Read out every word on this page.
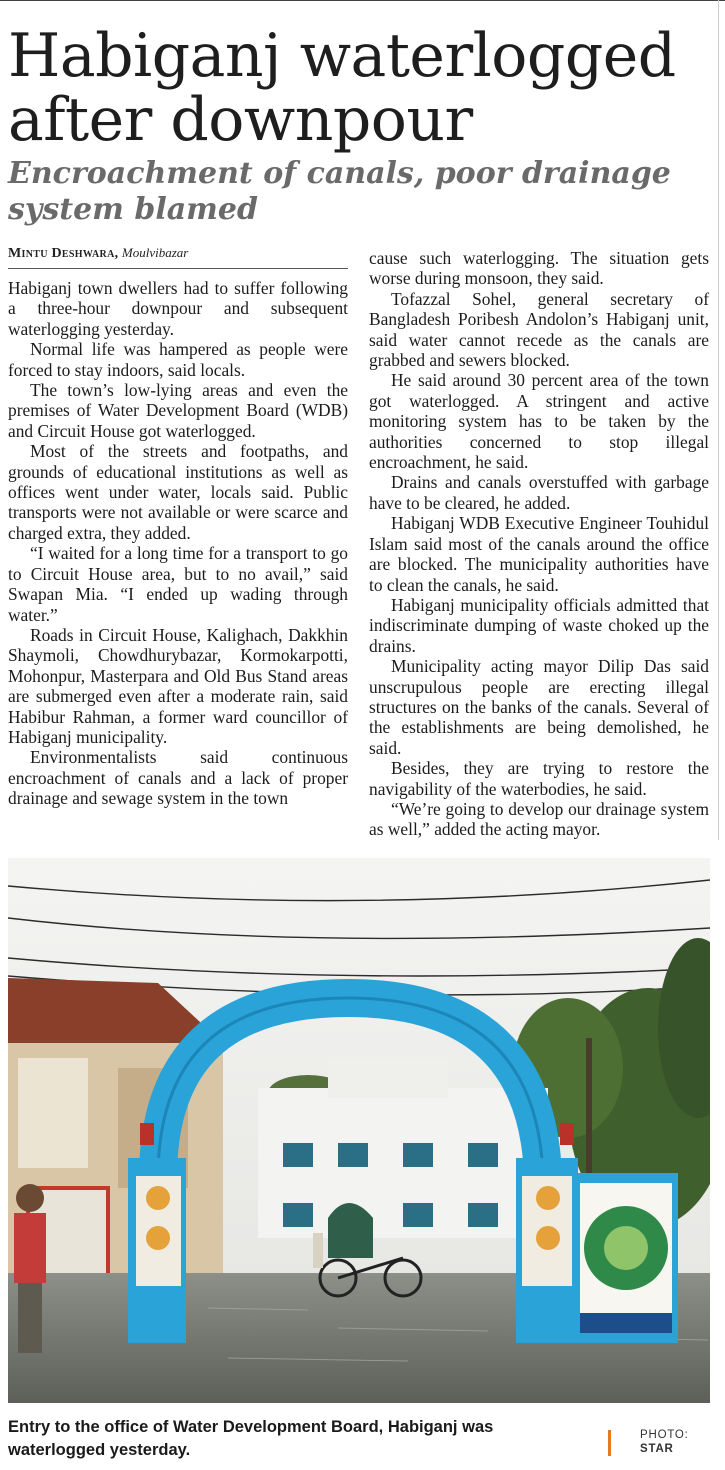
Habiganj waterlogged after downpour
Encroachment of canals, poor drainage system blamed
Mintu Deshwara, Moulvibazar

Habiganj town dwellers had to suffer following a three-hour downpour and subsequent waterlogging yesterday.

Normal life was hampered as people were forced to stay indoors, said locals.

The town’s low-lying areas and even the premises of Water Development Board (WDB) and Circuit House got waterlogged.

Most of the streets and footpaths, and grounds of educational institutions as well as offices went under water, locals said. Public transports were not available or were scarce and charged extra, they added.

“I waited for a long time for a transport to go to Circuit House area, but to no avail,” said Swapan Mia. “I ended up wading through water.”

Roads in Circuit House, Kalighach, Dakkhin Shaymoli, Chowdhurybazar, Kormokarpotti, Mohonpur, Masterpara and Old Bus Stand areas are submerged even after a moderate rain, said Habibur Rahman, a former ward councillor of Habiganj municipality.

Environmentalists said continuous encroachment of canals and a lack of proper drainage and sewage system in the town

cause such waterlogging. The situation gets worse during monsoon, they said.

Tofazzal Sohel, general secretary of Bangladesh Poribesh Andolon’s Habiganj unit, said water cannot recede as the canals are grabbed and sewers blocked.

He said around 30 percent area of the town got waterlogged. A stringent and active monitoring system has to be taken by the authorities concerned to stop illegal encroachment, he said.

Drains and canals overstuffed with garbage have to be cleared, he added.

Habiganj WDB Executive Engineer Touhidul Islam said most of the canals around the office are blocked. The municipality authorities have to clean the canals, he said.

Habiganj municipality officials admitted that indiscriminate dumping of waste choked up the drains.

Municipality acting mayor Dilip Das said unscrupulous people are erecting illegal structures on the banks of the canals. Several of the establishments are being demolished, he said.

Besides, they are trying to restore the navigability of the waterbodies, he said.

“We’re going to develop our drainage system as well,” added the acting mayor.

Entry to the office of Water Development Board, Habiganj was waterlogged yesterday.
PHOTO:
STAR
